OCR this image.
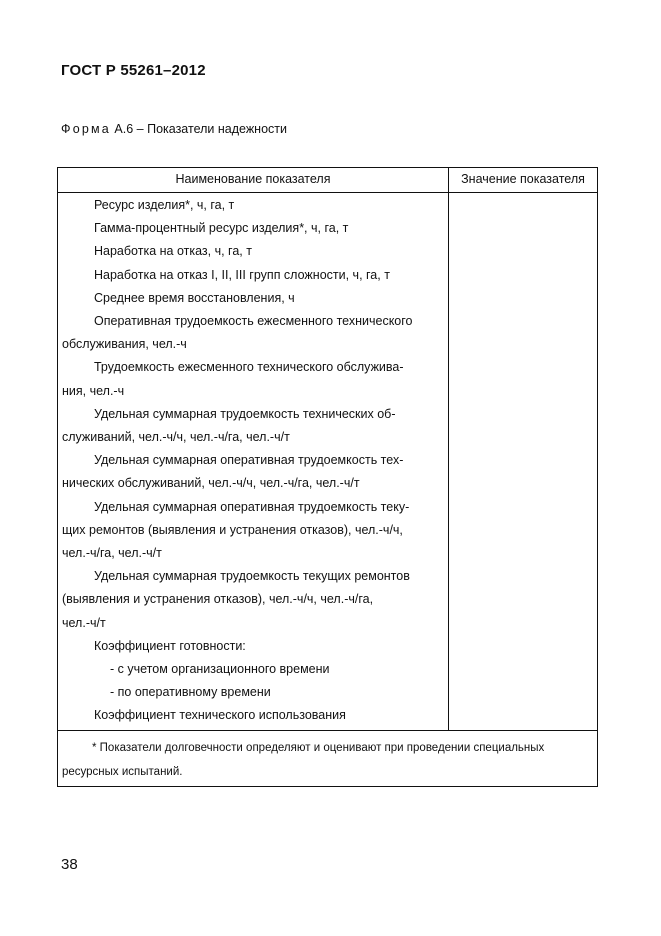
ГОСТ Р 55261–2012
Форма А.6 – Показатели надежности
Наименование показателя	Значение показателя

Ресурс изделия*, ч, га, т

Гамма-процентный ресурс изделия*, ч, га, т

Наработка на отказ, ч, га, т

Наработка на отказ I, II, III групп сложности, ч, га, т

Среднее время восстановления, ч

Оперативная трудоемкость ежесменного технического

обслуживания, чел.-ч

Трудоемкость ежесменного технического обслужива-

ния, чел.-ч

Удельная суммарная трудоемкость технических об-

служиваний, чел.-ч/ч, чел.-ч/га, чел.-ч/т

Удельная суммарная оперативная трудоемкость тех-

нических обслуживаний, чел.-ч/ч, чел.-ч/га, чел.-ч/т

Удельная суммарная оперативная трудоемкость теку-

щих ремонтов (выявления и устранения отказов), чел.-ч/ч,

чел.-ч/га, чел.-ч/т

Удельная суммарная трудоемкость текущих ремонтов

(выявления и устранения отказов), чел.-ч/ч, чел.-ч/га,

чел.-ч/т

Коэффициент готовности:

- с учетом организационного времени

- по оперативному времени

Коэффициент технического использования

* Показатели долговечности определяют и оценивают при проведении специальных ресурсных испытаний.
38
